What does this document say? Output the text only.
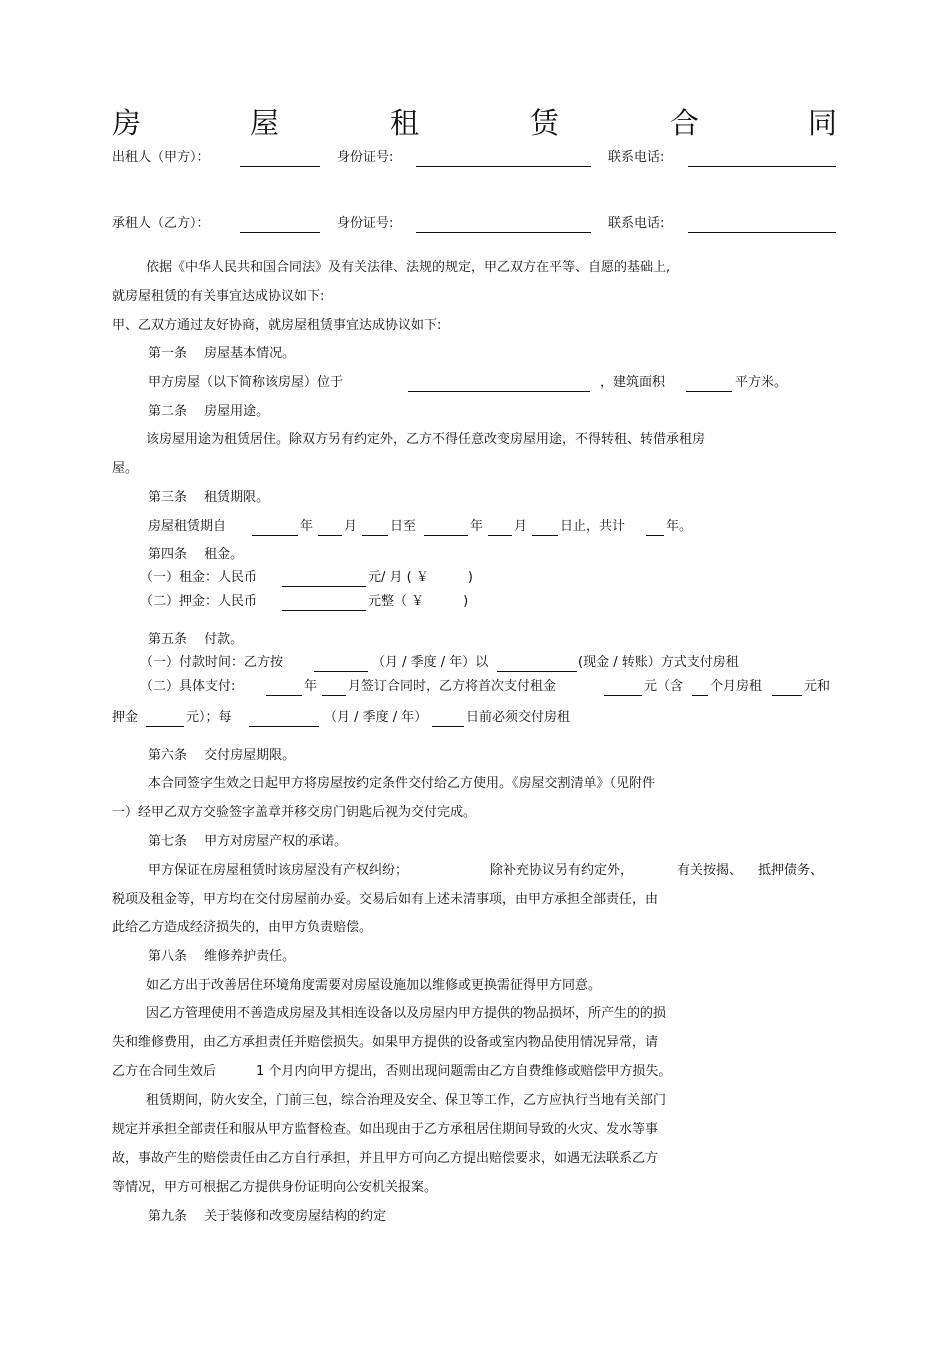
房	屋	租	赁	合	同
出租人（甲方）：	身份证号:	联系电话:
承租人（乙方）：	身份证号:	联系电话:
依据《中华人民共和国合同法》及有关法律、法规的规定，甲乙双方在平等、自愿的基础上,
就房屋租赁的有关事宜达成协议如下:
甲、乙双方通过友好协商，就房屋租赁事宜达成协议如下:
第一条　 房屋基本情况。
甲方房屋（以下简称该房屋）位于	，建筑面积	平方米。
第二条　 房屋用途。
该房屋用途为租赁居住。除双方另有约定外，乙方不得任意改变房屋用途，不得转租、转借承租房
屋。
第三条　 租赁期限。
房屋租赁期自	年 月	日至	年 月	日止，共计	年。
第四条　 租金。
（一）租金：人民币	元/ 月 ( ￥　　　)
（二）押金：人民币	元整（ ￥　　　)
第五条　 付款。
（一）付款时间：乙方按	（月 / 季度 / 年）以	(现金 / 转账）方式支付房租
（二）具体支付:	年 月签订合同时，乙方将首次支付租金	元（含 个月房租	元和
押金	元）；每	（月 / 季度 / 年）	日前必须交付房租
第六条　 交付房屋期限。
本合同签字生效之日起甲方将房屋按约定条件交付给乙方使用。《房屋交割清单》（见附件
一）经甲乙双方交验签字盖章并移交房门钥匙后视为交付完成。
第七条　 甲方对房屋产权的承诺。
甲方保证在房屋租赁时该房屋没有产权纠纷；	除补充协议另有约定外，	有关按揭、 抵押债务、
税项及租金等，甲方均在交付房屋前办妥。交易后如有上述未清事项，由甲方承担全部责任，由
此给乙方造成经济损失的，由甲方负责赔偿。
第八条　 维修养护责任。
如乙方出于改善居住环境角度需要对房屋设施加以维修或更换需征得甲方同意。
因乙方管理使用不善造成房屋及其相连设备以及房屋内甲方提供的物品损坏，所产生的的损
失和维修费用，由乙方承担责任并赔偿损失。如果甲方提供的设备或室内物品使用情况异常，请
乙方在合同生效后	1 个月内向甲方提出，否则出现问题需由乙方自费维修或赔偿甲方损失。
租赁期间，防火安全，门前三包，综合治理及安全、保卫等工作，乙方应执行当地有关部门
规定并承担全部责任和服从甲方监督检查。如出现由于乙方承租居住期间导致的火灾、发水等事
故，事故产生的赔偿责任由乙方自行承担，并且甲方可向乙方提出赔偿要求，如遇无法联系乙方
等情况，甲方可根据乙方提供身份证明向公安机关报案。
第九条　 关于装修和改变房屋结构的约定
